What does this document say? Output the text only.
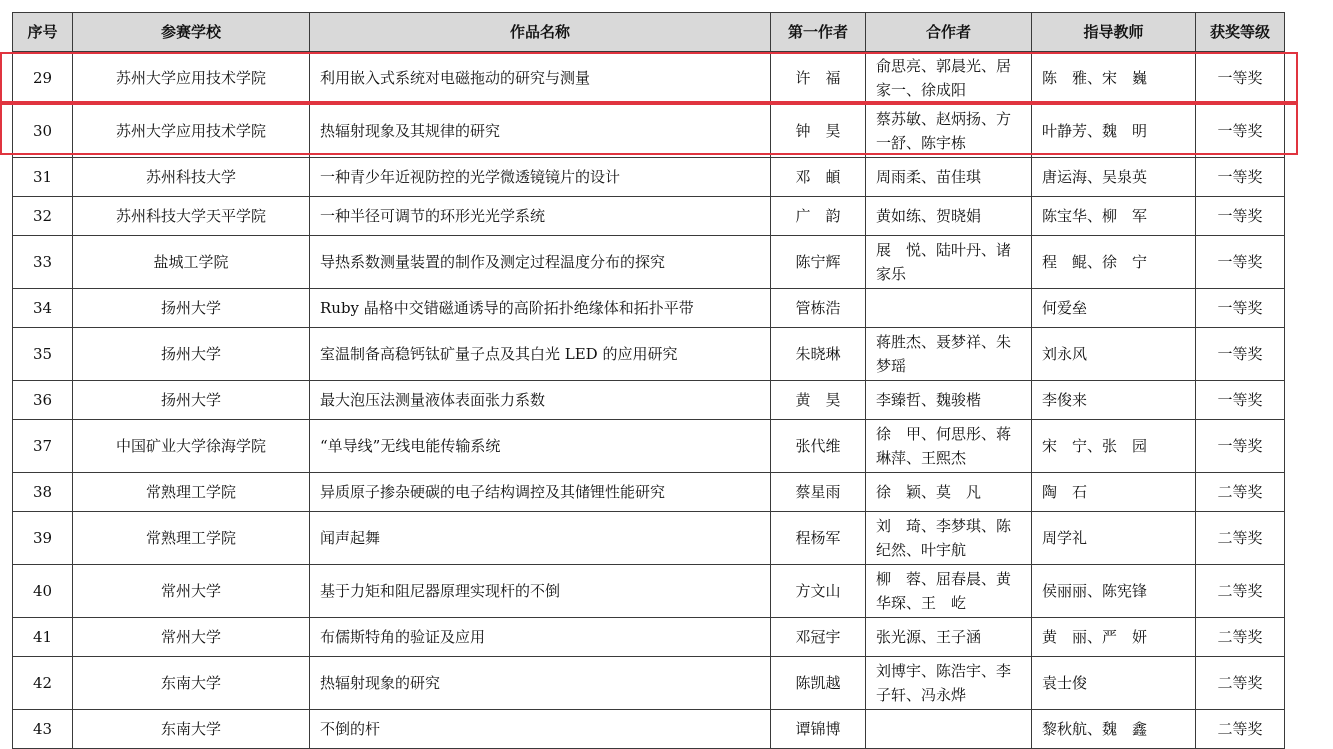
序号	参赛学校	作品名称	第一作者	合作者	指导教师	获奖等级
29	苏州大学应用技术学院	利用嵌入式系统对电磁拖动的研究与测量	许　福	俞思亮、郭晨光、居家一、徐成阳	陈　雅、宋　巍	一等奖
30	苏州大学应用技术学院	热辐射现象及其规律的研究	钟　昊	蔡苏敏、赵炳扬、方一舒、陈宇栋	叶静芳、魏　明	一等奖
31	苏州科技大学	一种青少年近视防控的光学微透镜镜片的设计	邓　頔	周雨柔、苗佳琪	唐运海、吴泉英	一等奖
32	苏州科技大学天平学院	一种半径可调节的环形光光学系统	广　韵	黄如练、贺晓娟	陈宝华、柳　军	一等奖
33	盐城工学院	导热系数测量装置的制作及测定过程温度分布的探究	陈宁辉	展　悦、陆叶丹、诸家乐	程　鲲、徐　宁	一等奖
34	扬州大学	Ruby 晶格中交错磁通诱导的高阶拓扑绝缘体和拓扑平带	管栋浩		何爱垒	一等奖
35	扬州大学	室温制备高稳钙钛矿量子点及其白光 LED 的应用研究	朱晓琳	蒋胜杰、聂梦祥、朱梦瑶	刘永风	一等奖
36	扬州大学	最大泡压法测量液体表面张力系数	黄　昊	李臻哲、魏骏楷	李俊来	一等奖
37	中国矿业大学徐海学院	“单导线”无线电能传输系统	张代维	徐　甲、何思彤、蒋琳萍、王熙杰	宋　宁、张　园	一等奖
38	常熟理工学院	异质原子掺杂硬碳的电子结构调控及其储锂性能研究	蔡星雨	徐　颖、莫　凡	陶　石	二等奖
39	常熟理工学院	闻声起舞	程杨军	刘　琦、李梦琪、陈纪然、叶宇航	周学礼	二等奖
40	常州大学	基于力矩和阻尼器原理实现杆的不倒	方文山	柳　蓉、屈春晨、黄华琛、王　屹	侯丽丽、陈宪锋	二等奖
41	常州大学	布儒斯特角的验证及应用	邓冠宇	张光源、王子涵	黄　丽、严　妍	二等奖
42	东南大学	热辐射现象的研究	陈凯越	刘博宇、陈浩宇、李子轩、冯永烨	袁士俊	二等奖
43	东南大学	不倒的杆	谭锦博		黎秋航、魏　鑫	二等奖
